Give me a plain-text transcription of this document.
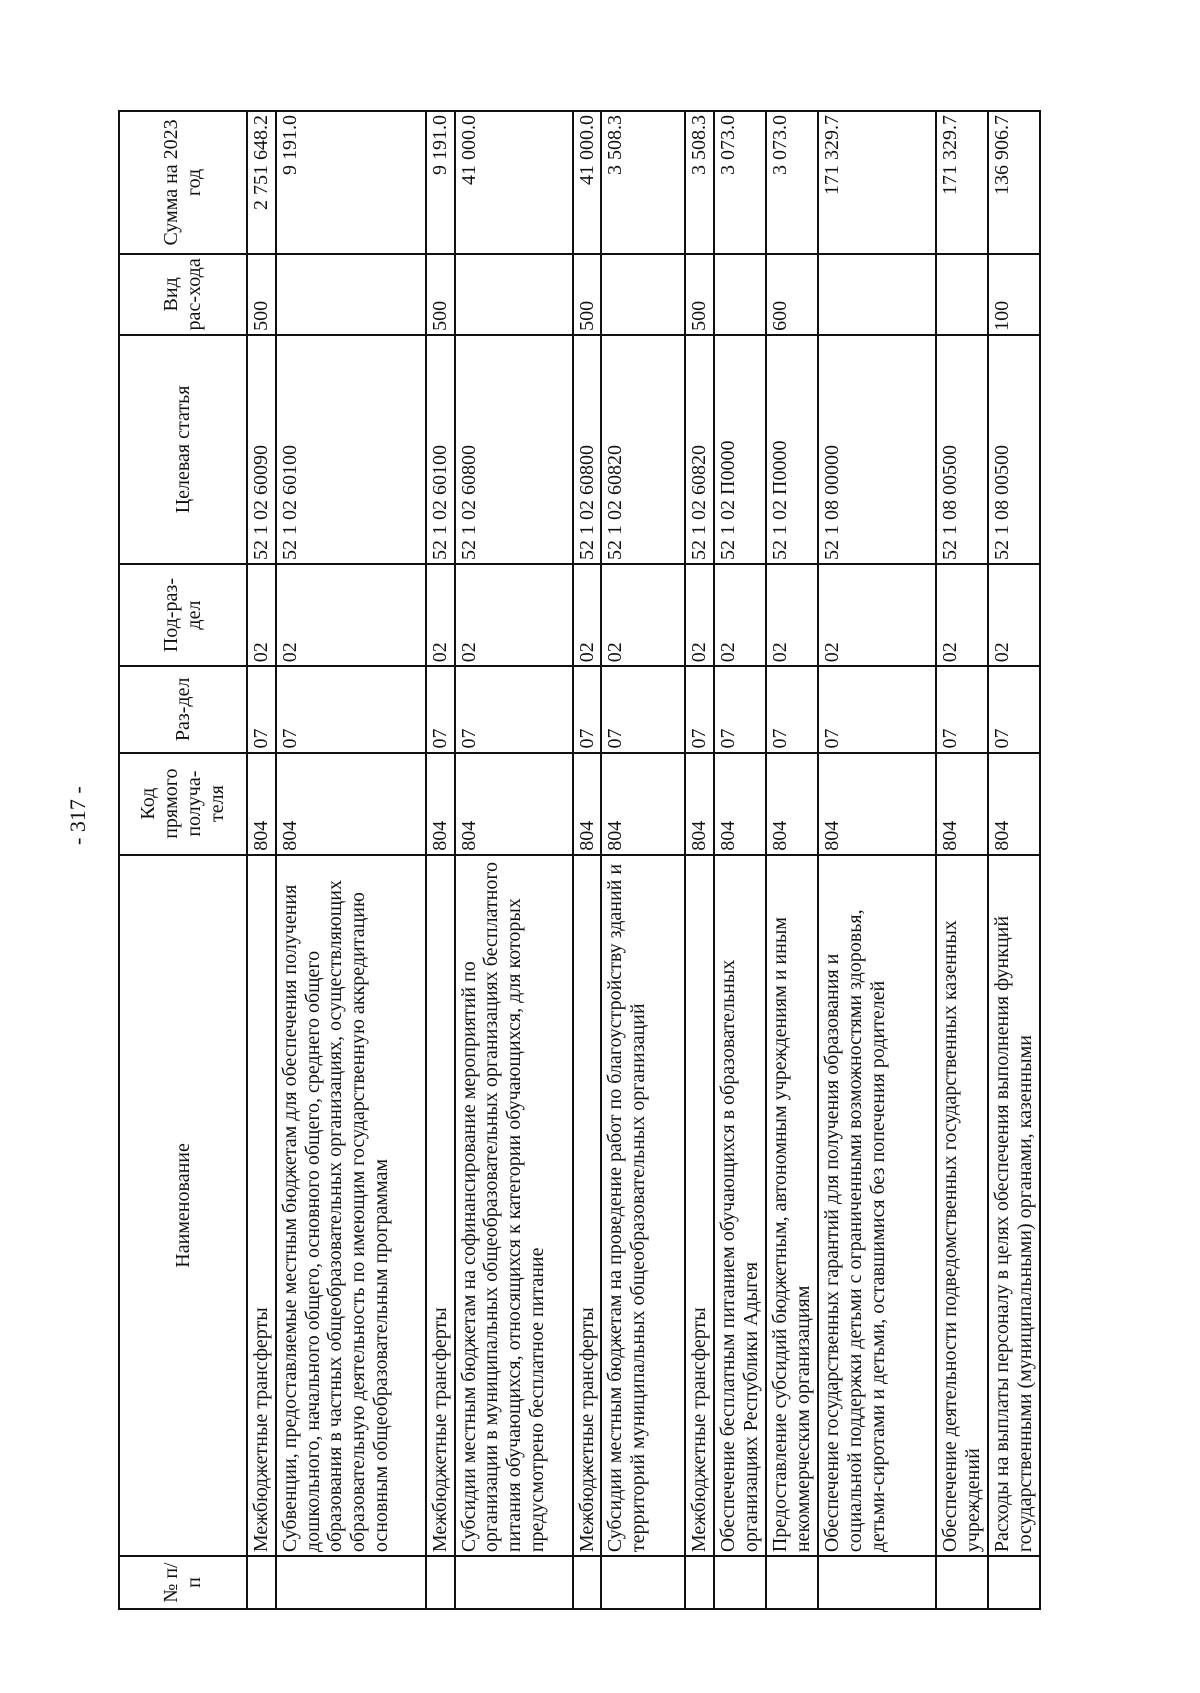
- 317 -
№ п/п	Наименование	Код прямого получа-теля	Раз-дел	Под-раз-дел	Целевая статья	Вид рас-хода	Сумма на 2023 год
	Межбюджетные трансферты	804	07	02	52 1 02 60090	500	2 751 648.2
	Субвенции, предоставляемые местным бюджетам для обеспечения получения дошкольного, начального общего, основного общего, среднего общего образования в частных общеобразовательных организациях, осуществляющих образовательную деятельность по имеющим государственную аккредитацию основным общеобразовательным программам	804	07	02	52 1 02 60100		9 191.0
	Межбюджетные трансферты	804	07	02	52 1 02 60100	500	9 191.0
	Субсидии местным бюджетам на софинансирование мероприятий по организации в муниципальных общеобразовательных организациях бесплатного питания обучающихся, относящихся к категории обучающихся, для которых предусмотрено бесплатное питание	804	07	02	52 1 02 60800		41 000.0
	Межбюджетные трансферты	804	07	02	52 1 02 60800	500	41 000.0
	Субсидии местным бюджетам на проведение работ по благоустройству зданий и территорий муниципальных общеобразовательных организаций	804	07	02	52 1 02 60820		3 508.3
	Межбюджетные трансферты	804	07	02	52 1 02 60820	500	3 508.3
	Обеспечение бесплатным питанием обучающихся в образовательных организациях Республики Адыгея	804	07	02	52 1 02 П0000		3 073.0
	Предоставление субсидий бюджетным, автономным учреждениям и иным некоммерческим организациям	804	07	02	52 1 02 П0000	600	3 073.0
	Обеспечение государственных гарантий для получения образования и социальной поддержки детьми с ограниченными возможностями здоровья, детьми-сиротами и детьми, оставшимися без попечения родителей	804	07	02	52 1 08 00000		171 329.7
	Обеспечение деятельности подведомственных государственных казенных учреждений	804	07	02	52 1 08 00500		171 329.7
	Расходы на выплаты персоналу в целях обеспечения выполнения функций государственными (муниципальными) органами, казенными	804	07	02	52 1 08 00500	100	136 906.7
